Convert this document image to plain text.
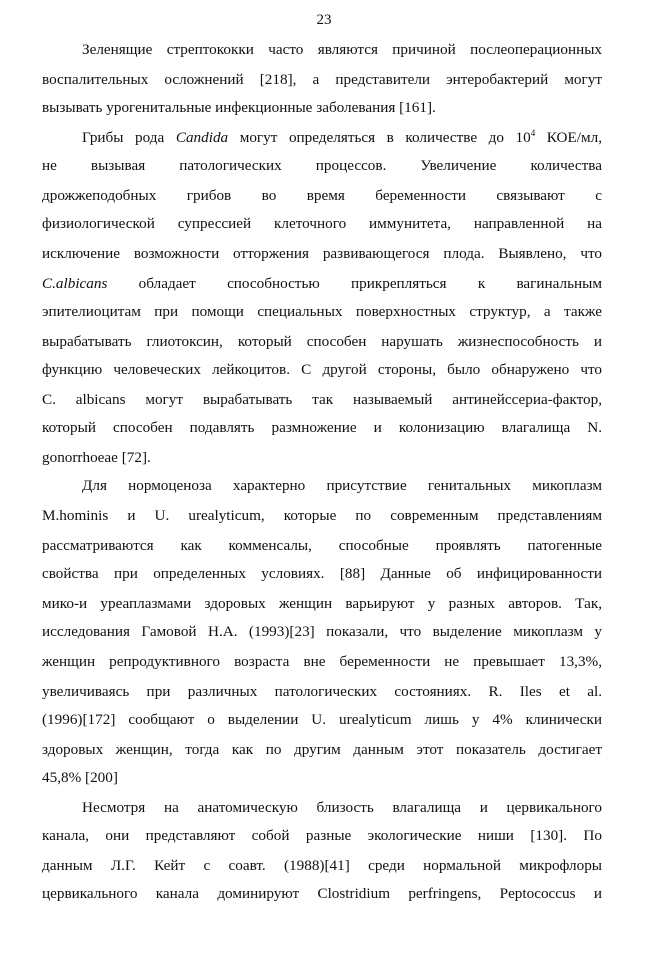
23
Зеленящие стрептококки часто являются причиной послеоперационных
воспалительных осложнений [218], а представители энтеробактерий могут
вызывать урогенитальные инфекционные заболевания [161].
Грибы рода Candida могут определяться в количестве до $10^4$ КОЕ/мл,
не вызывая патологических процессов. Увеличение количества
дрожжеподобных грибов во время беременности связывают с
физиологической супрессией клеточного иммунитета, направленной на
исключение возможности отторжения развивающегося плода. Выявлено, что
C.albicans обладает способностью прикрепляться к вагинальным
эпителиоцитам при помощи специальных поверхностных структур, а также
вырабатывать глиотоксин, который способен нарушать жизнеспособность и
функцию человеческих лейкоцитов. С другой стороны, было обнаружено что
C. albicans могут вырабатывать так называемый антинейссериа-фактор,
который способен подавлять размножение и колонизацию влагалища N.
gonorrhoeae [72].
Для нормоценоза характерно присутствие генитальных микоплазм
M.hominis и U. urealyticum, которые по современным представлениям
рассматриваются как комменсалы, способные проявлять патогенные
свойства при определенных условиях. [88] Данные об инфицированности
мико-и уреаплазмами здоровых женщин варьируют у разных авторов. Так,
исследования Гамовой Н.А. (1993)[23] показали, что выделение микоплазм у
женщин репродуктивного возраста вне беременности не превышает 13,3%,
увеличиваясь при различных патологических состояниях. R. Iles et al.
(1996)[172] сообщают о выделении U. urealyticum лишь у 4% клинически
здоровых женщин, тогда как по другим данным этот показатель достигает
45,8% [200]
Несмотря на анатомическую близость влагалища и цервикального
канала, они представляют собой разные экологические ниши [130]. По
данным Л.Г. Кейт с соавт. (1988)[41] среди нормальной микрофлоры
цервикального канала доминируют Clostridium perfringens, Peptococcus и
